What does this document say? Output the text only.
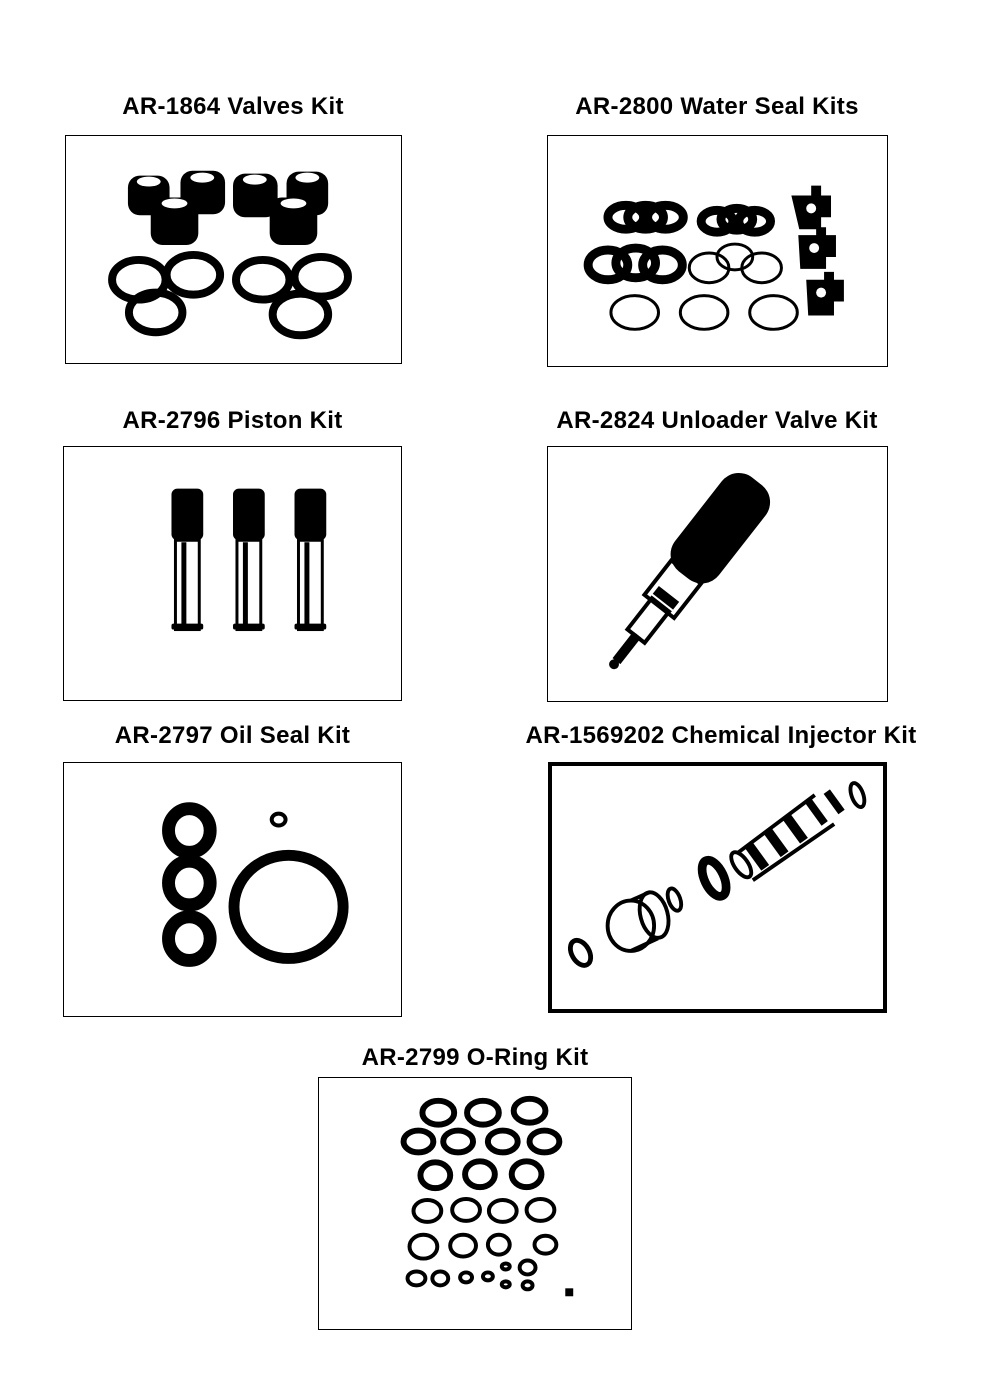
AR-1864 Valves Kit	AR-2800 Water Seal Kits
AR-2796 Piston Kit	AR-2824 Unloader Valve Kit
AR-2797 Oil Seal Kit	AR-1569202 Chemical Injector Kit
AR-2799 O-Ring Kit
